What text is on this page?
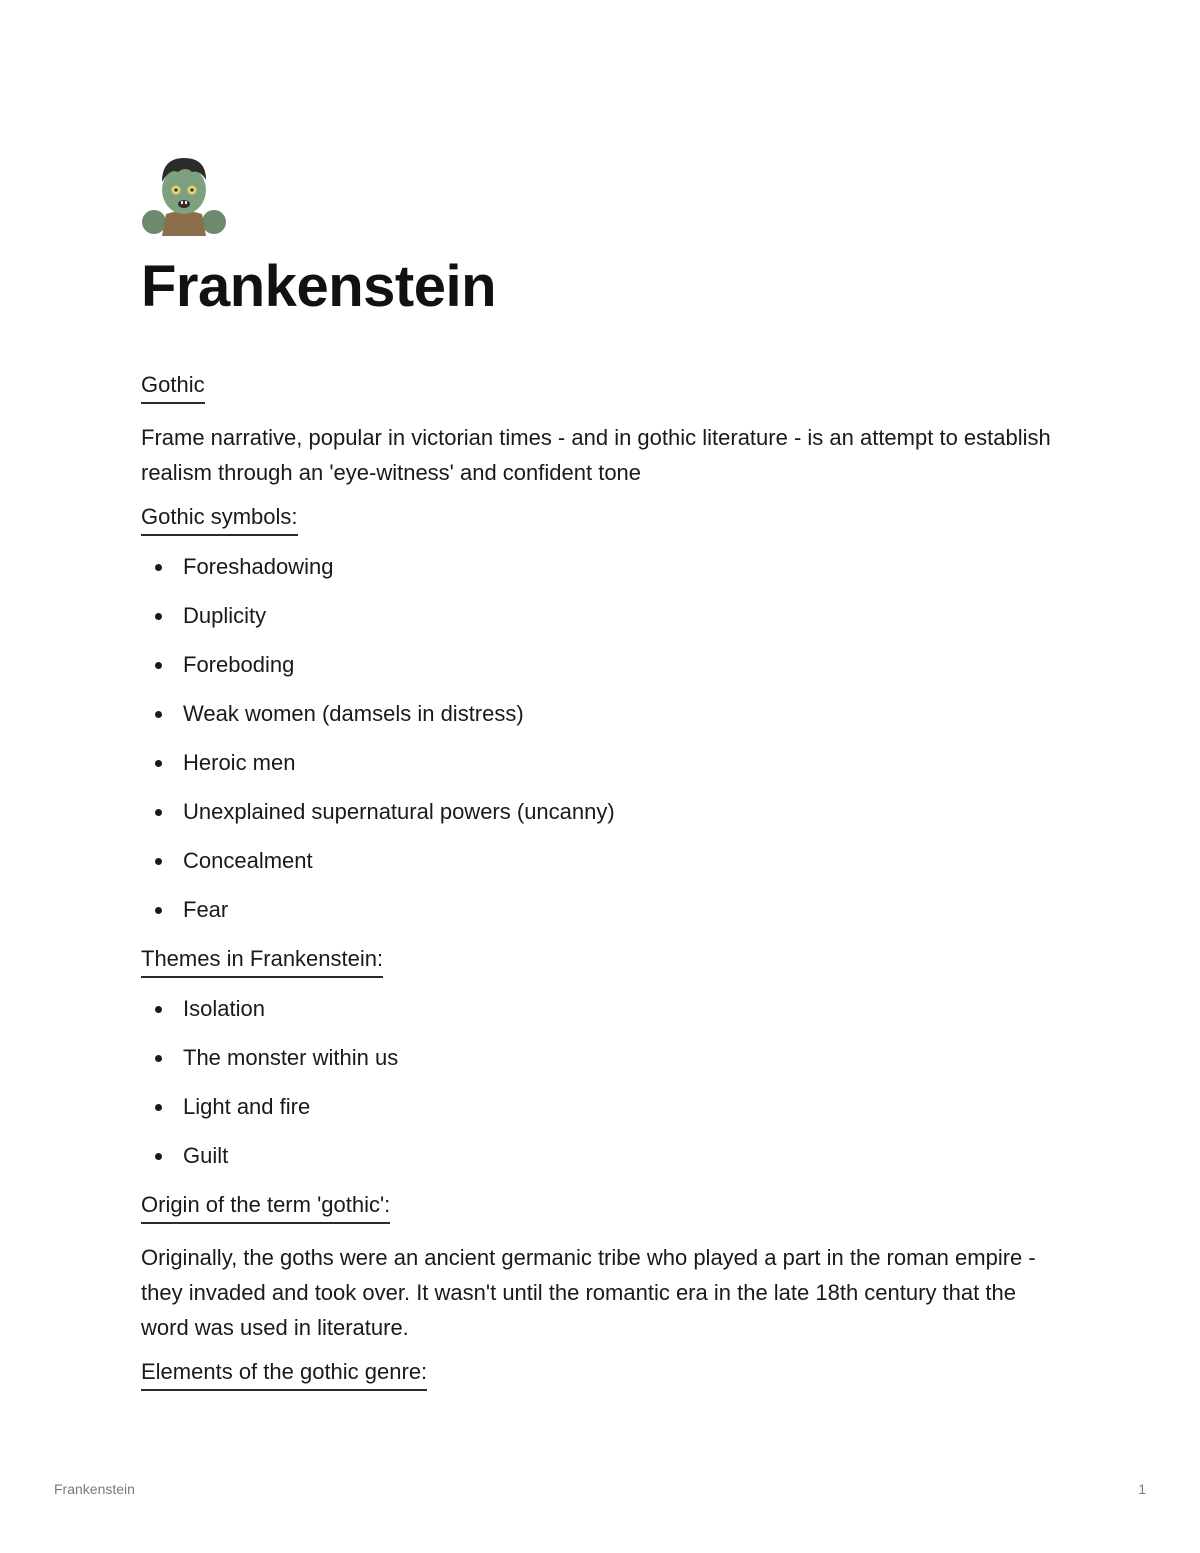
Frankenstein
Gothic

Frame narrative, popular in victorian times - and in gothic literature - is an attempt to establish realism through an 'eye-witness' and confident tone

Gothic symbols:
Foreshadowing
Duplicity
Foreboding
Weak women (damsels in distress)
Heroic men
Unexplained supernatural powers (uncanny)
Concealment
Fear
Themes in Frankenstein:
Isolation
The monster within us
Light and fire
Guilt
Origin of the term 'gothic':

Originally, the goths were an ancient germanic tribe who played a part in the roman empire - they invaded and took over. It wasn't until the romantic era in the late 18th century that the word was used in literature.

Elements of the gothic genre:
Frankenstein	1
